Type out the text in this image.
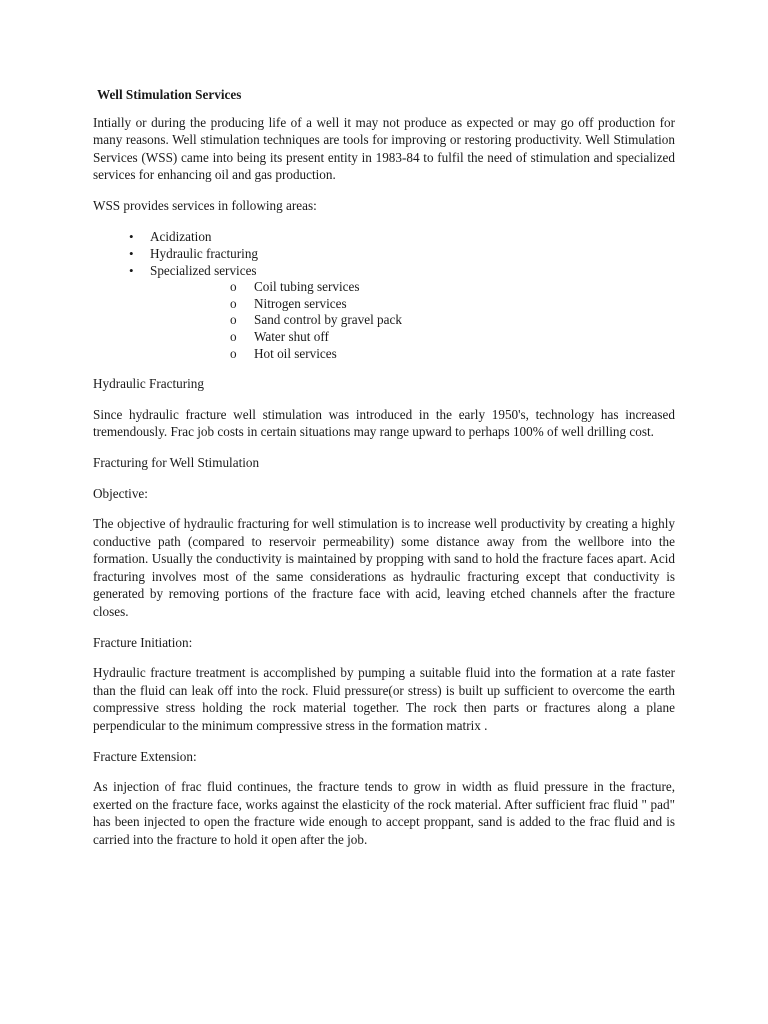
Well Stimulation Services

Intially or during the producing life of a well it may not produce as expected or may go off production for many reasons. Well stimulation techniques are tools for improving or restoring productivity. Well Stimulation Services (WSS) came into being its present entity in 1983-84 to fulfil the need of stimulation and specialized services for enhancing oil and gas production.

WSS provides services in following areas:

• Acidization
• Hydraulic fracturing
• Specialized services
o Coil tubing services
o Nitrogen services
o Sand control by gravel pack
o Water shut off
o Hot oil services
Hydraulic Fracturing

Since hydraulic fracture well stimulation was introduced in the early 1950's, technology has increased tremendously. Frac job costs in certain situations may range upward to perhaps 100% of well drilling cost.

Fracturing for Well Stimulation
Objective:

The objective of hydraulic fracturing for well stimulation is to increase well productivity by creating a highly conductive path (compared to reservoir permeability) some distance away from the wellbore into the formation. Usually the conductivity is maintained by propping with sand to hold the fracture faces apart. Acid fracturing involves most of the same considerations as hydraulic fracturing except that conductivity is generated by removing portions of the fracture face with acid, leaving etched channels after the fracture closes.

Fracture Initiation:

Hydraulic fracture treatment is accomplished by pumping a suitable fluid into the formation at a rate faster than the fluid can leak off into the rock. Fluid pressure(or stress) is built up sufficient to overcome the earth compressive stress holding the rock material together. The rock then parts or fractures along a plane perpendicular to the minimum compressive stress in the formation matrix .

Fracture Extension:

As injection of frac fluid continues, the fracture tends to grow in width as fluid pressure in the fracture, exerted on the fracture face, works against the elasticity of the rock material. After sufficient frac fluid " pad" has been injected to open the fracture wide enough to accept proppant, sand is added to the frac fluid and is carried into the fracture to hold it open after the job.
